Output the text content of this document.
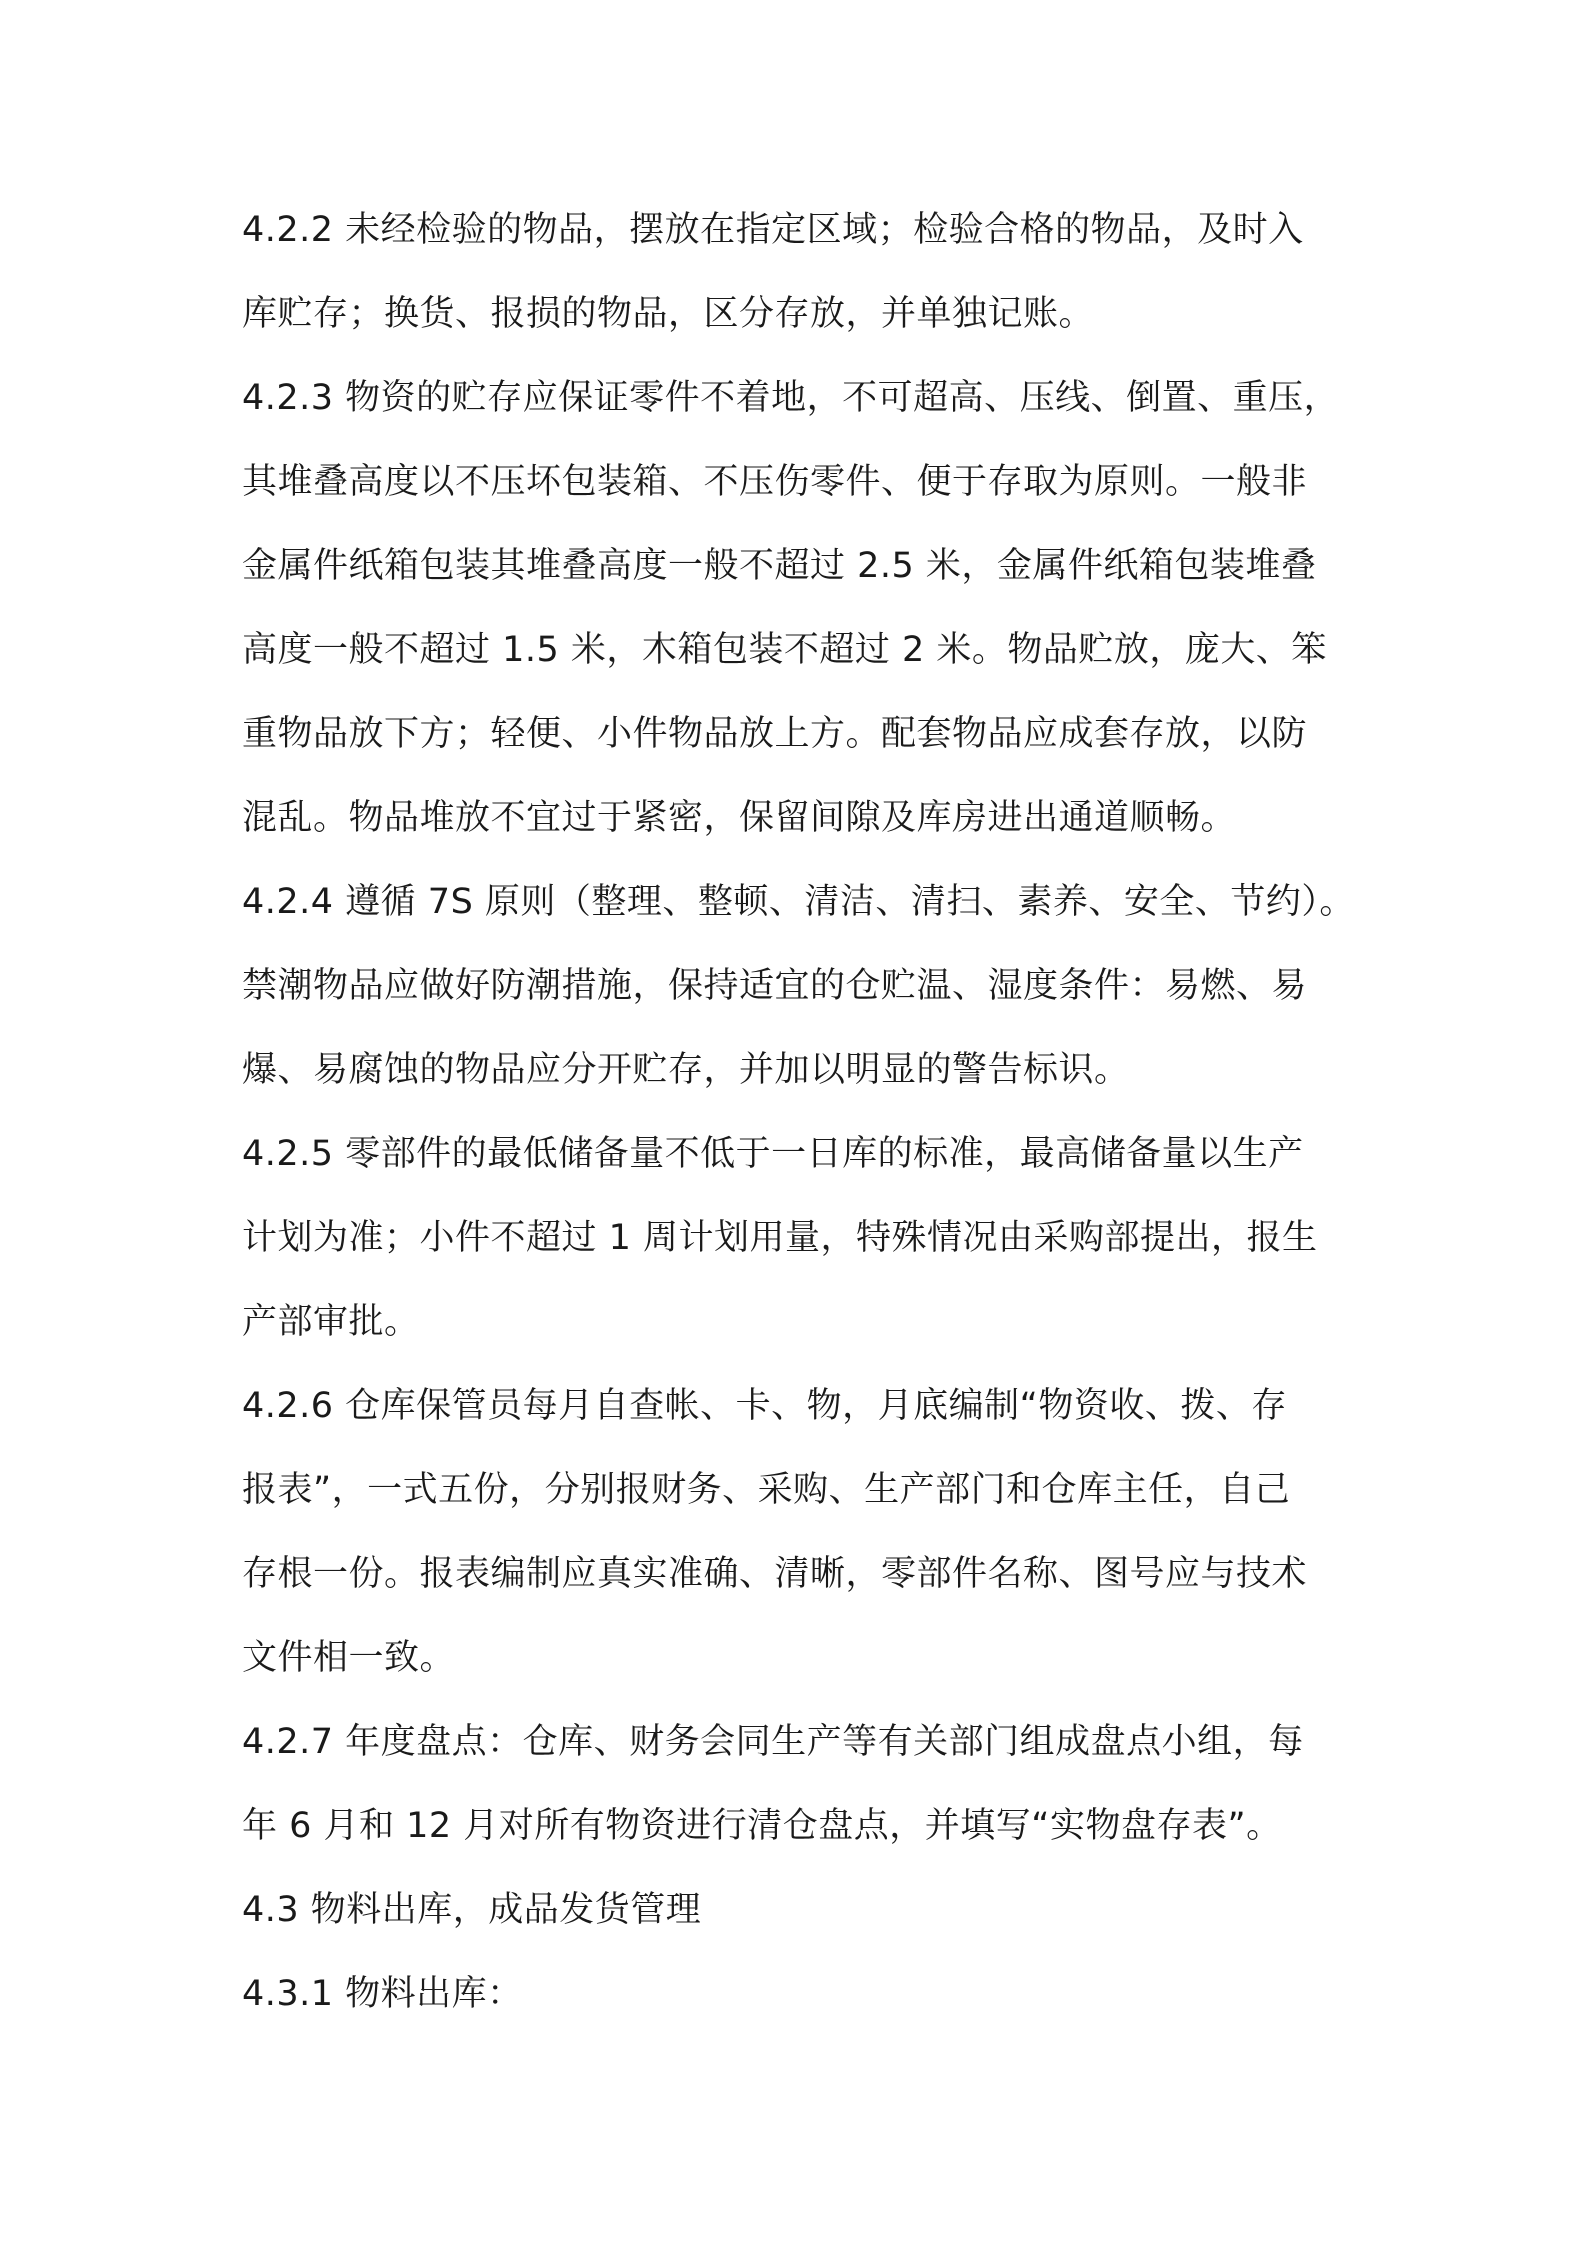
4.2.2 未经检验的物品，摆放在指定区域；检验合格的物品，及时入

库贮存；换货、报损的物品，区分存放，并单独记账。

4.2.3 物资的贮存应保证零件不着地，不可超高、压线、倒置、重压，

其堆叠高度以不压坏包装箱、不压伤零件、便于存取为原则。一般非

金属件纸箱包装其堆叠高度一般不超过 2.5 米，金属件纸箱包装堆叠

高度一般不超过 1.5 米，木箱包装不超过 2 米。物品贮放，庞大、笨

重物品放下方；轻便、小件物品放上方。配套物品应成套存放，以防

混乱。物品堆放不宜过于紧密，保留间隙及库房进出通道顺畅。

4.2.4 遵循 7S 原则（整理、整顿、清洁、清扫、素养、安全、节约）。

禁潮物品应做好防潮措施，保持适宜的仓贮温、湿度条件：易燃、易

爆、易腐蚀的物品应分开贮存，并加以明显的警告标识。

4.2.5 零部件的最低储备量不低于一日库的标准，最高储备量以生产

计划为准；小件不超过 1 周计划用量，特殊情况由采购部提出，报生

产部审批。

4.2.6 仓库保管员每月自查帐、卡、物，月底编制“物资收、拨、存

报表”，一式五份，分别报财务、采购、生产部门和仓库主任，自己

存根一份。报表编制应真实准确、清晰，零部件名称、图号应与技术

文件相一致。

4.2.7 年度盘点：仓库、财务会同生产等有关部门组成盘点小组，每

年 6 月和 12 月对所有物资进行清仓盘点，并填写“实物盘存表”。

4.3 物料出库，成品发货管理

4.3.1 物料出库：
